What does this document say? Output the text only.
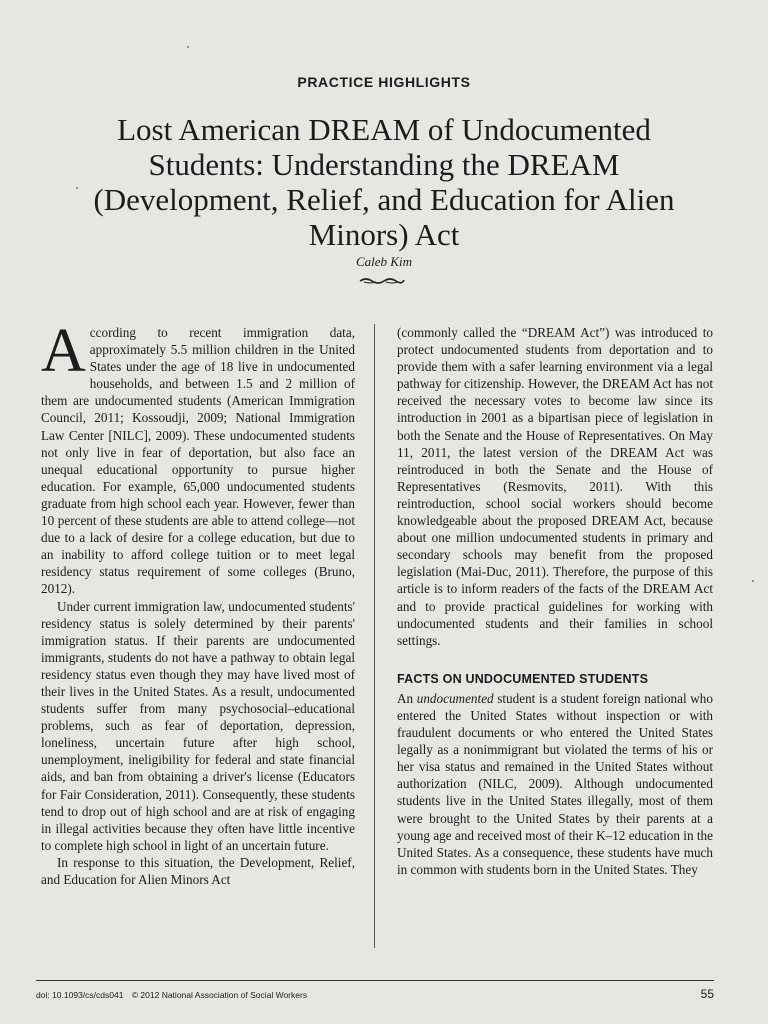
PRACTICE HIGHLIGHTS
Lost American DREAM of Undocumented Students: Understanding the DREAM (Development, Relief, and Education for Alien Minors) Act
Caleb Kim

According to recent immigration data, approximately 5.5 million children in the United States under the age of 18 live in undocumented households, and between 1.5 and 2 million of them are undocumented students (American Immigration Council, 2011; Kossoudji, 2009; National Immigration Law Center [NILC], 2009). These undocumented students not only live in fear of deportation, but also face an unequal educational opportunity to pursue higher education. For example, 65,000 undocumented students graduate from high school each year. However, fewer than 10 percent of these students are able to attend college—not due to a lack of desire for a college education, but due to an inability to afford college tuition or to meet legal residency status requirement of some colleges (Bruno, 2012).

Under current immigration law, undocumented students' residency status is solely determined by their parents' immigration status. If their parents are undocumented immigrants, students do not have a pathway to obtain legal residency status even though they may have lived most of their lives in the United States. As a result, undocumented students suffer from many psychosocial–educational problems, such as fear of deportation, depression, loneliness, uncertain future after high school, unemployment, ineligibility for federal and state financial aids, and ban from obtaining a driver's license (Educators for Fair Consideration, 2011). Consequently, these students tend to drop out of high school and are at risk of engaging in illegal activities because they often have little incentive to complete high school in light of an uncertain future.

In response to this situation, the Development, Relief, and Education for Alien Minors Act

(commonly called the “DREAM Act”) was introduced to protect undocumented students from deportation and to provide them with a safer learning environment via a legal pathway for citizenship. However, the DREAM Act has not received the necessary votes to become law since its introduction in 2001 as a bipartisan piece of legislation in both the Senate and the House of Representatives. On May 11, 2011, the latest version of the DREAM Act was reintroduced in both the Senate and the House of Representatives (Resmovits, 2011). With this reintroduction, school social workers should become knowledgeable about the proposed DREAM Act, because about one million undocumented students in primary and secondary schools may benefit from the proposed legislation (Mai-Duc, 2011). Therefore, the purpose of this article is to inform readers of the facts of the DREAM Act and to provide practical guidelines for working with undocumented students and their families in school settings.

FACTS ON UNDOCUMENTED STUDENTS

An undocumented student is a student foreign national who entered the United States without inspection or with fraudulent documents or who entered the United States legally as a nonimmigrant but violated the terms of his or her visa status and remained in the United States without authorization (NILC, 2009). Although undocumented students live in the United States illegally, most of them were brought to the United States by their parents at a young age and received most of their K–12 education in the United States. As a consequence, these students have much in common with students born in the United States. They

doi: 10.1093/cs/cds041 © 2012 National Association of Social Workers	55
